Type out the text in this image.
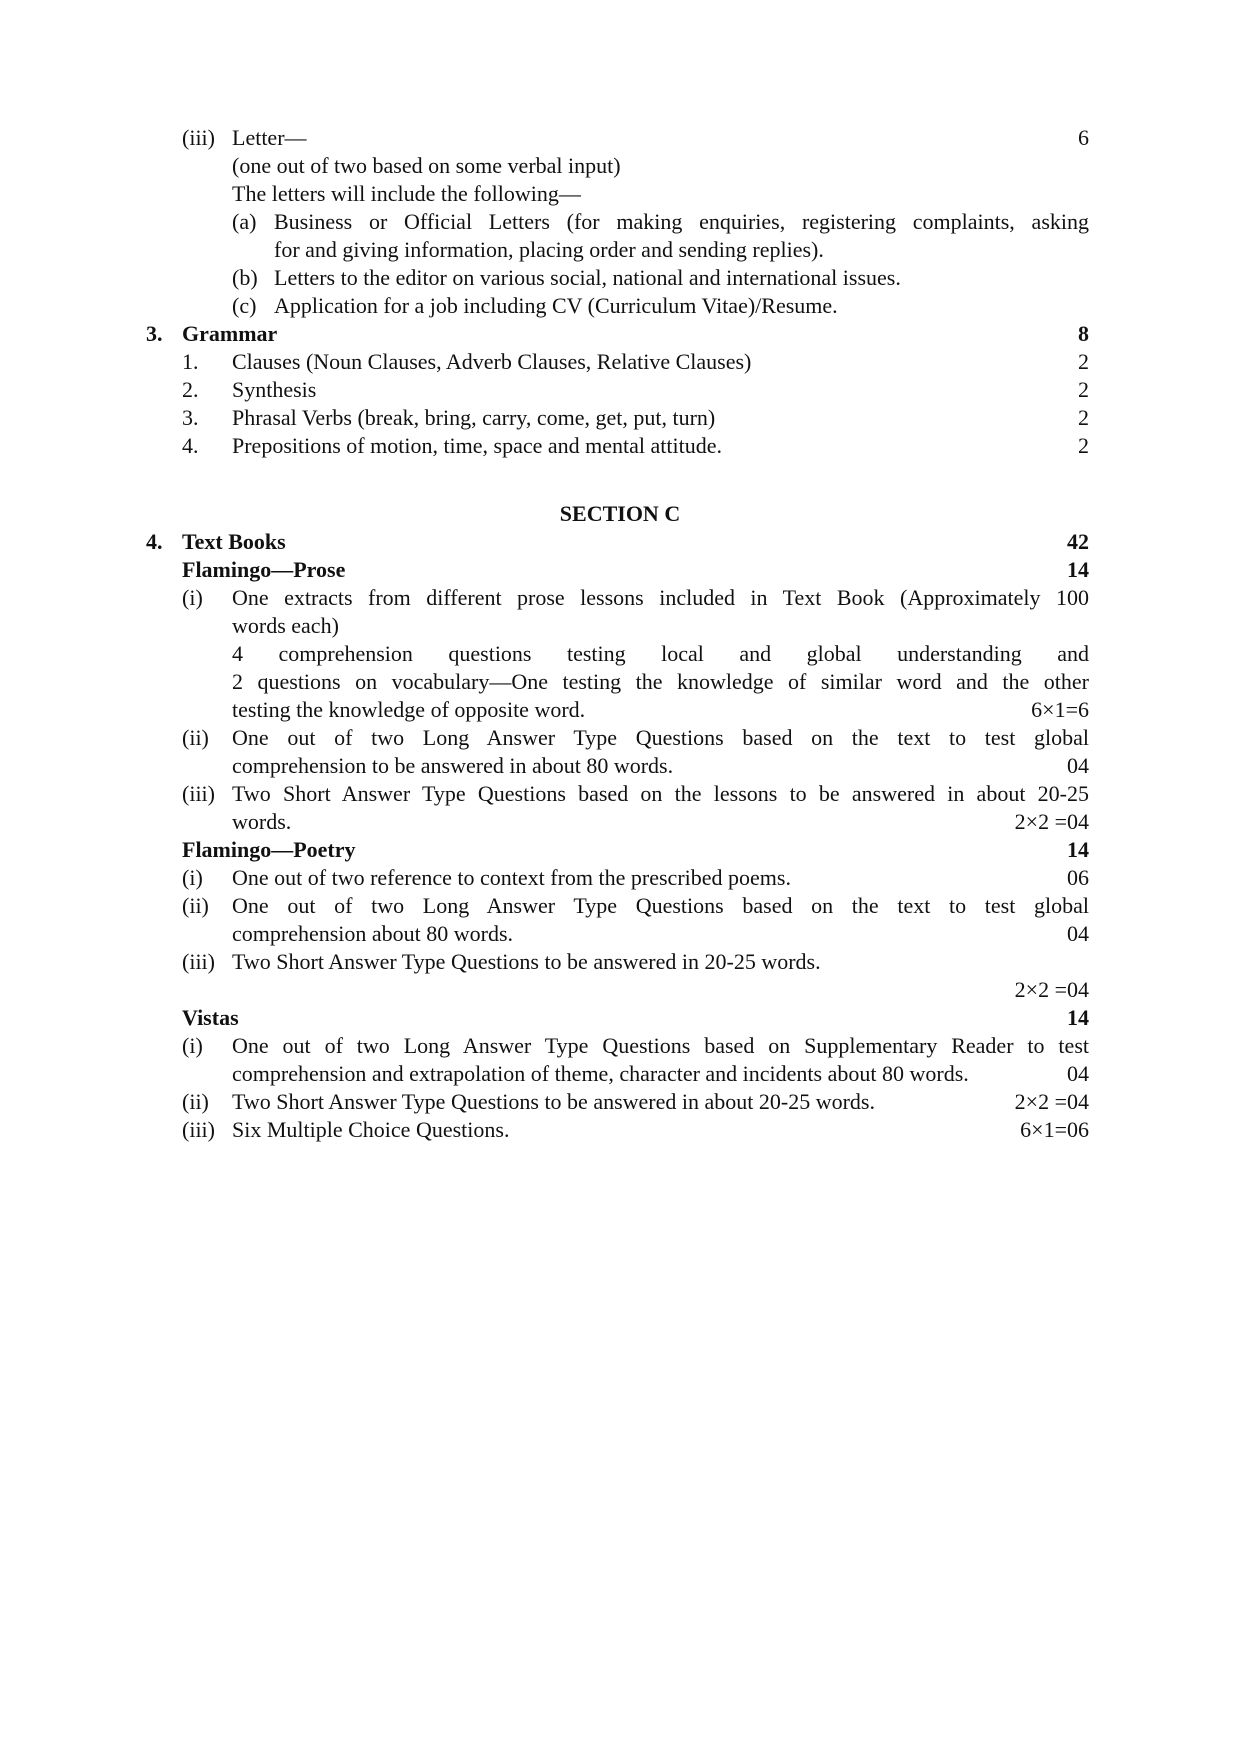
(iii) Letter—	6
(one out of two based on some verbal input)
The letters will include the following—
(a) Business or Official Letters (for making enquiries, registering complaints, asking
for and giving information, placing order and sending replies).
(b) Letters to the editor on various social, national and international issues.
(c) Application for a job including CV (Curriculum Vitae)/Resume.
3. Grammar	8
1. Clauses (Noun Clauses, Adverb Clauses, Relative Clauses)	2
2. Synthesis	2
3. Phrasal Verbs (break, bring, carry, come, get, put, turn)	2
4. Prepositions of motion, time, space and mental attitude.	2
SECTION C
4. Text Books	42
Flamingo—Prose	14
(i) One extracts from different prose lessons included in Text Book (Approximately 100
words each)
4 comprehension questions testing local and global understanding and
2 questions on vocabulary—One testing the knowledge of similar word and the other
testing the knowledge of opposite word.	6×1=6
(ii) One out of two Long Answer Type Questions based on the text to test global
comprehension to be answered in about 80 words.	04
(iii) Two Short Answer Type Questions based on the lessons to be answered in about 20-25
words.	2×2 =04
Flamingo—Poetry	14
(i) One out of two reference to context from the prescribed poems.	06
(ii) One out of two Long Answer Type Questions based on the text to test global
comprehension about 80 words.	04
(iii) Two Short Answer Type Questions to be answered in 20-25 words.
2×2 =04
Vistas	14
(i) One out of two Long Answer Type Questions based on Supplementary Reader to test
comprehension and extrapolation of theme, character and incidents about 80 words.	04
(ii) Two Short Answer Type Questions to be answered in about 20-25 words.	2×2 =04
(iii) Six Multiple Choice Questions.	6×1=06
